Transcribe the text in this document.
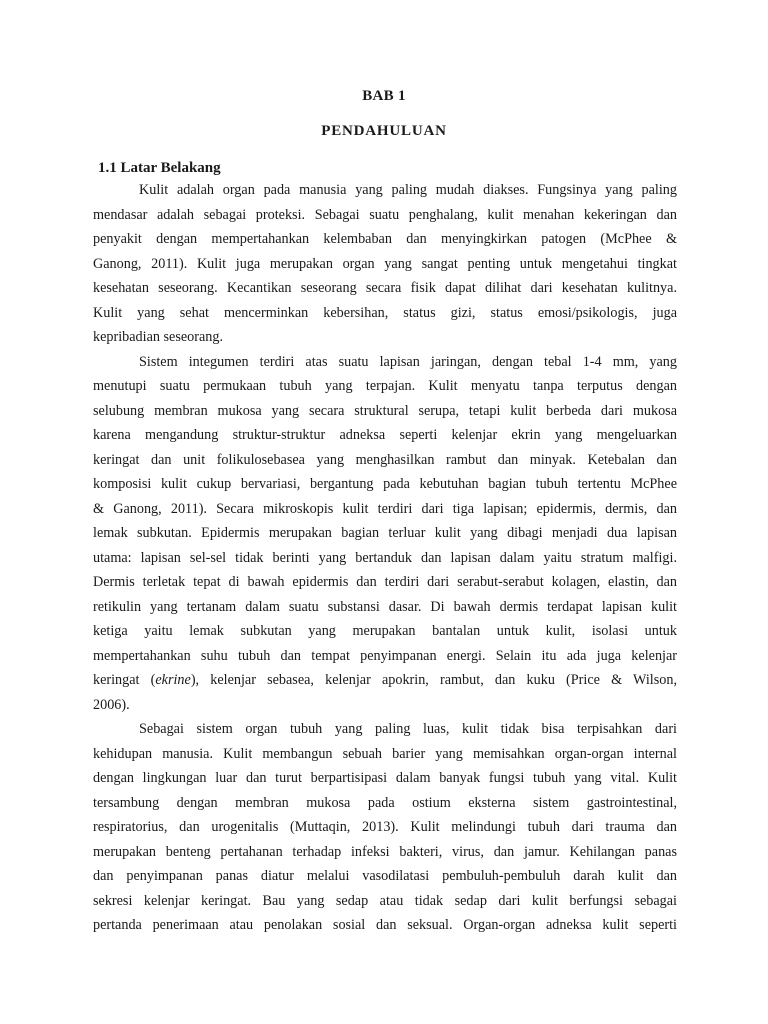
BAB 1
PENDAHULUAN
1.1 Latar Belakang
Kulit adalah organ pada manusia yang paling mudah diakses. Fungsinya yang paling
mendasar adalah sebagai proteksi. Sebagai suatu penghalang, kulit menahan kekeringan dan
penyakit dengan mempertahankan kelembaban dan menyingkirkan patogen (McPhee &
Ganong, 2011). Kulit juga merupakan organ yang sangat penting untuk mengetahui tingkat
kesehatan seseorang. Kecantikan seseorang secara fisik dapat dilihat dari kesehatan kulitnya.
Kulit yang sehat mencerminkan kebersihan, status gizi, status emosi/psikologis, juga
kepribadian seseorang.
Sistem integumen terdiri atas suatu lapisan jaringan, dengan tebal 1-4 mm, yang
menutupi suatu permukaan tubuh yang terpajan. Kulit menyatu tanpa terputus dengan
selubung membran mukosa yang secara struktural serupa, tetapi kulit berbeda dari mukosa
karena mengandung struktur-struktur adneksa seperti kelenjar ekrin yang mengeluarkan
keringat dan unit folikulosebasea yang menghasilkan rambut dan minyak. Ketebalan dan
komposisi kulit cukup bervariasi, bergantung pada kebutuhan bagian tubuh tertentu McPhee
& Ganong, 2011). Secara mikroskopis kulit terdiri dari tiga lapisan; epidermis, dermis, dan
lemak subkutan. Epidermis merupakan bagian terluar kulit yang dibagi menjadi dua lapisan
utama: lapisan sel-sel tidak berinti yang bertanduk dan lapisan dalam yaitu stratum malfigi.
Dermis terletak tepat di bawah epidermis dan terdiri dari serabut-serabut kolagen, elastin, dan
retikulin yang tertanam dalam suatu substansi dasar. Di bawah dermis terdapat lapisan kulit
ketiga yaitu lemak subkutan yang merupakan bantalan untuk kulit, isolasi untuk
mempertahankan suhu tubuh dan tempat penyimpanan energi. Selain itu ada juga kelenjar
keringat (ekrine), kelenjar sebasea, kelenjar apokrin, rambut, dan kuku (Price & Wilson,
2006).
Sebagai sistem organ tubuh yang paling luas, kulit tidak bisa terpisahkan dari
kehidupan manusia. Kulit membangun sebuah barier yang memisahkan organ-organ internal
dengan lingkungan luar dan turut berpartisipasi dalam banyak fungsi tubuh yang vital. Kulit
tersambung dengan membran mukosa pada ostium eksterna sistem gastrointestinal,
respiratorius, dan urogenitalis (Muttaqin, 2013). Kulit melindungi tubuh dari trauma dan
merupakan benteng pertahanan terhadap infeksi bakteri, virus, dan jamur. Kehilangan panas
dan penyimpanan panas diatur melalui vasodilatasi pembuluh-pembuluh darah kulit dan
sekresi kelenjar keringat. Bau yang sedap atau tidak sedap dari kulit berfungsi sebagai
pertanda penerimaan atau penolakan sosial dan seksual. Organ-organ adneksa kulit seperti
